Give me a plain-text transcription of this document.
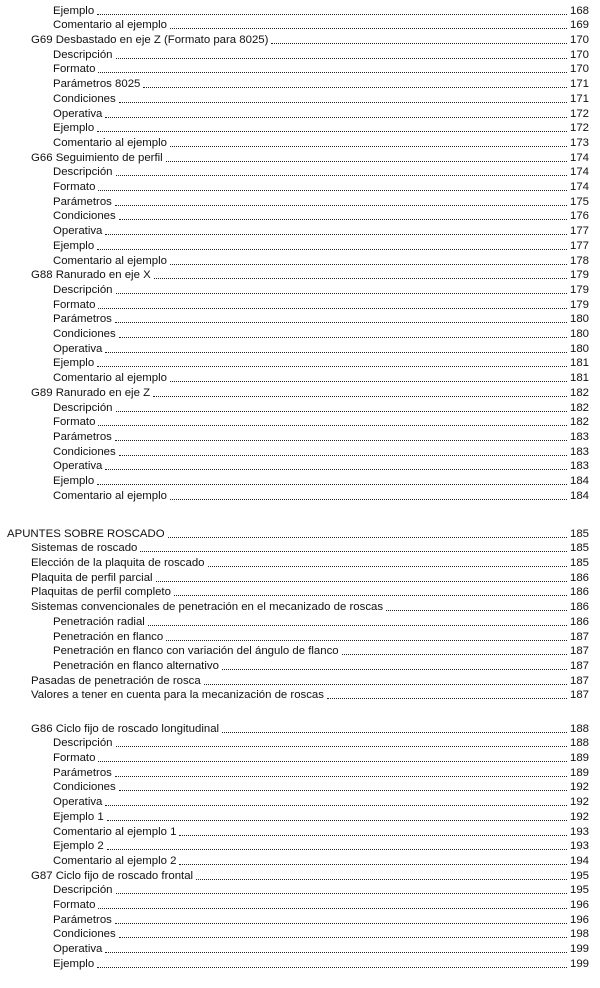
Ejemplo	168
Comentario al ejemplo	169
G69 Desbastado en eje Z (Formato para 8025)	170
Descripción	170
Formato	170
Parámetros 8025	171
Condiciones	171
Operativa	172
Ejemplo	172
Comentario al ejemplo	173
G66 Seguimiento de perfil	174
Descripción	174
Formato	174
Parámetros	175
Condiciones	176
Operativa	177
Ejemplo	177
Comentario al ejemplo	178
G88 Ranurado en eje X	179
Descripción	179
Formato	179
Parámetros	180
Condiciones	180
Operativa	180
Ejemplo	181
Comentario al ejemplo	181
G89 Ranurado en eje Z	182
Descripción	182
Formato	182
Parámetros	183
Condiciones	183
Operativa	183
Ejemplo	184
Comentario al ejemplo	184
APUNTES SOBRE ROSCADO	185
Sistemas de roscado	185
Elección de la plaquita de roscado	185
Plaquita de perfil parcial	186
Plaquitas de perfil completo	186
Sistemas convencionales de penetración en el mecanizado de roscas	186
Penetración radial	186
Penetración en flanco	187
Penetración en flanco con variación del ángulo de flanco	187
Penetración en flanco alternativo	187
Pasadas de penetración de rosca	187
Valores a tener en cuenta para la mecanización de roscas	187
G86 Ciclo fijo de roscado longitudinal	188
Descripción	188
Formato	189
Parámetros	189
Condiciones	192
Operativa	192
Ejemplo 1	192
Comentario al ejemplo 1	193
Ejemplo 2	193
Comentario al ejemplo 2	194
G87 Ciclo fijo de roscado frontal	195
Descripción	195
Formato	196
Parámetros	196
Condiciones	198
Operativa	199
Ejemplo	199
